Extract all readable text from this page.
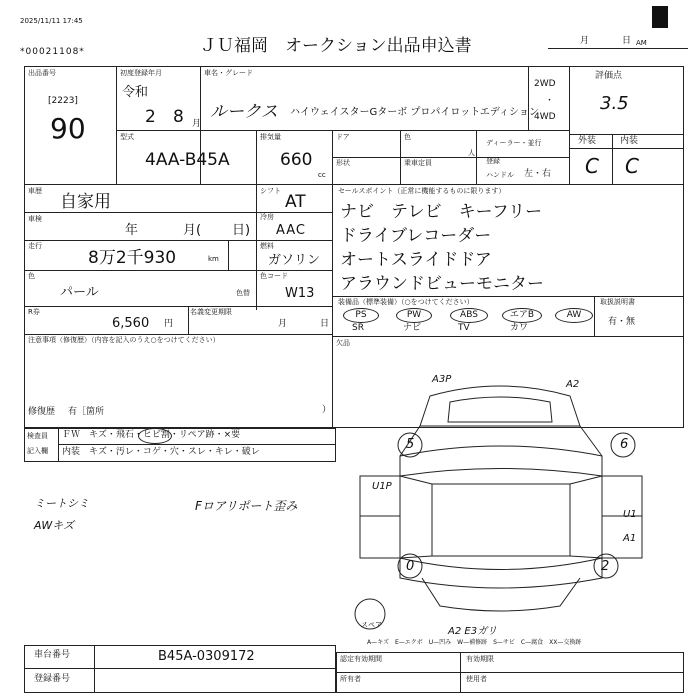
2025/11/11 17:45
*00021108*	ＪＵ福岡　オークション出品申込書	月	日 AM
出品番号
[2223]
90
初度登録年月
令和
2 8 月
車名・グレード
ルークス ハイウェイスターGターボ プロパイロットエディション
2WD
・
4WD
型式
4AA-B45A
排気量
660
cc
ドア
形状
色
乗車定員
人
ディーラー・並行
登録
ハンドル 左・右
評価点
3.5
外装	内装
C C
車歴
自家用
シフト
AT
車検
年	月( 日)
冷房
AAC
走行
8万2千930	km
燃料
ガソリン
色
パール	色替
色コード
W13
R券
6,560 円
名義変更期限
月	日
セールスポイント（正常に機能するものに限ります）
ナビ　テレビ　キーフリー
ドライブレコーダー
オートスライドドア
アラウンドビューモニター
装備品（標準装備）（○をつけてください）
PS	PW	ABS	エアB	AW
SR	ナビ	TV	カワ
取扱説明書
有・無
注意事項（修復歴）（内容を記入のうえ○をつけてください）
修復歴 有［箇所	）
欠品
検査員
記入欄
ＦＷ　キズ・飛石・ヒビ割・リペア跡・×要
内装　キズ・汚レ・コゲ・穴・スレ・キレ・破レ
ミートシミ
AWキズ
Fロアリポート歪み
5	6
0	2
A3P	A2
U1P
U1
A1
A2 E3ガリ
スペア
A—キズ　E—エクボ　U—凹み　W—補修跡　S—サビ　C—腐食　XX—交換跡
車台番号	B45A-0309172
登録番号
認定有効期間	有効期限
所有者	使用者
